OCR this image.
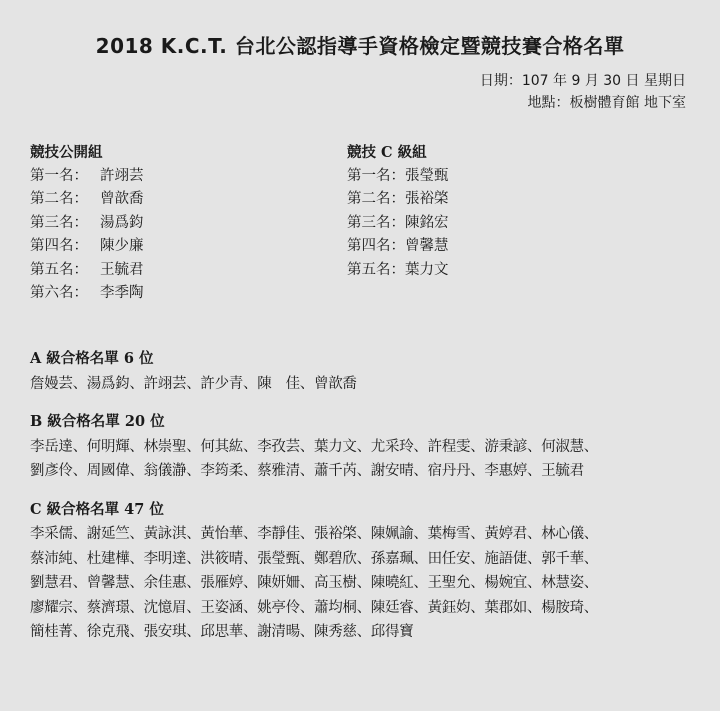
2018 K.C.T. 台北公認指導手資格檢定暨競技賽合格名單
日期：107 年 9 月 30 日 星期日
地點：板樹體育館 地下室
競技公開組
第一名： 許翊芸
第二名： 曾歆喬
第三名： 湯爲鈞
第四名： 陳少廉
第五名： 王毓君
第六名： 李季陶
競技 C 級組
第一名：張瑩甄
第二名：張裕棨
第三名：陳銘宏
第四名：曾馨慧
第五名：葉力文
A 級合格名單 6 位
詹嫚芸、湯爲鈞、許翊芸、許少青、陳　佳、曾歆喬
B 級合格名單 20 位
李岳達、何明輝、林崇聖、何其紘、李孜芸、葉力文、尤采玲、許程雯、游秉諺、何淑慧、
劉彥伶、周國偉、翁儀瀞、李筠柔、蔡雅清、蕭千芮、謝安晴、宿丹丹、李惠婷、王毓君
C 級合格名單 47 位
李采儒、謝延竺、黃詠淇、黃怡華、李靜佳、張裕棨、陳姵諭、葉梅雪、黃婷君、林心儀、
蔡沛純、杜建樺、李明達、洪筱晴、張瑩甄、鄭碧欣、孫嘉珮、田任安、施語倢、郭千華、
劉慧君、曾馨慧、余佳惠、張雁婷、陳妍姍、高玉樹、陳曉紅、王聖允、楊婉宜、林慧姿、
廖耀宗、蔡濟璟、沈憶眉、王姿涵、姚亭伶、蕭均桐、陳廷睿、黃鈺㚬、葉郡如、楊胺琦、
簡桂菁、徐克飛、張安琪、邱思華、謝清暘、陳秀慈、邱得寶
